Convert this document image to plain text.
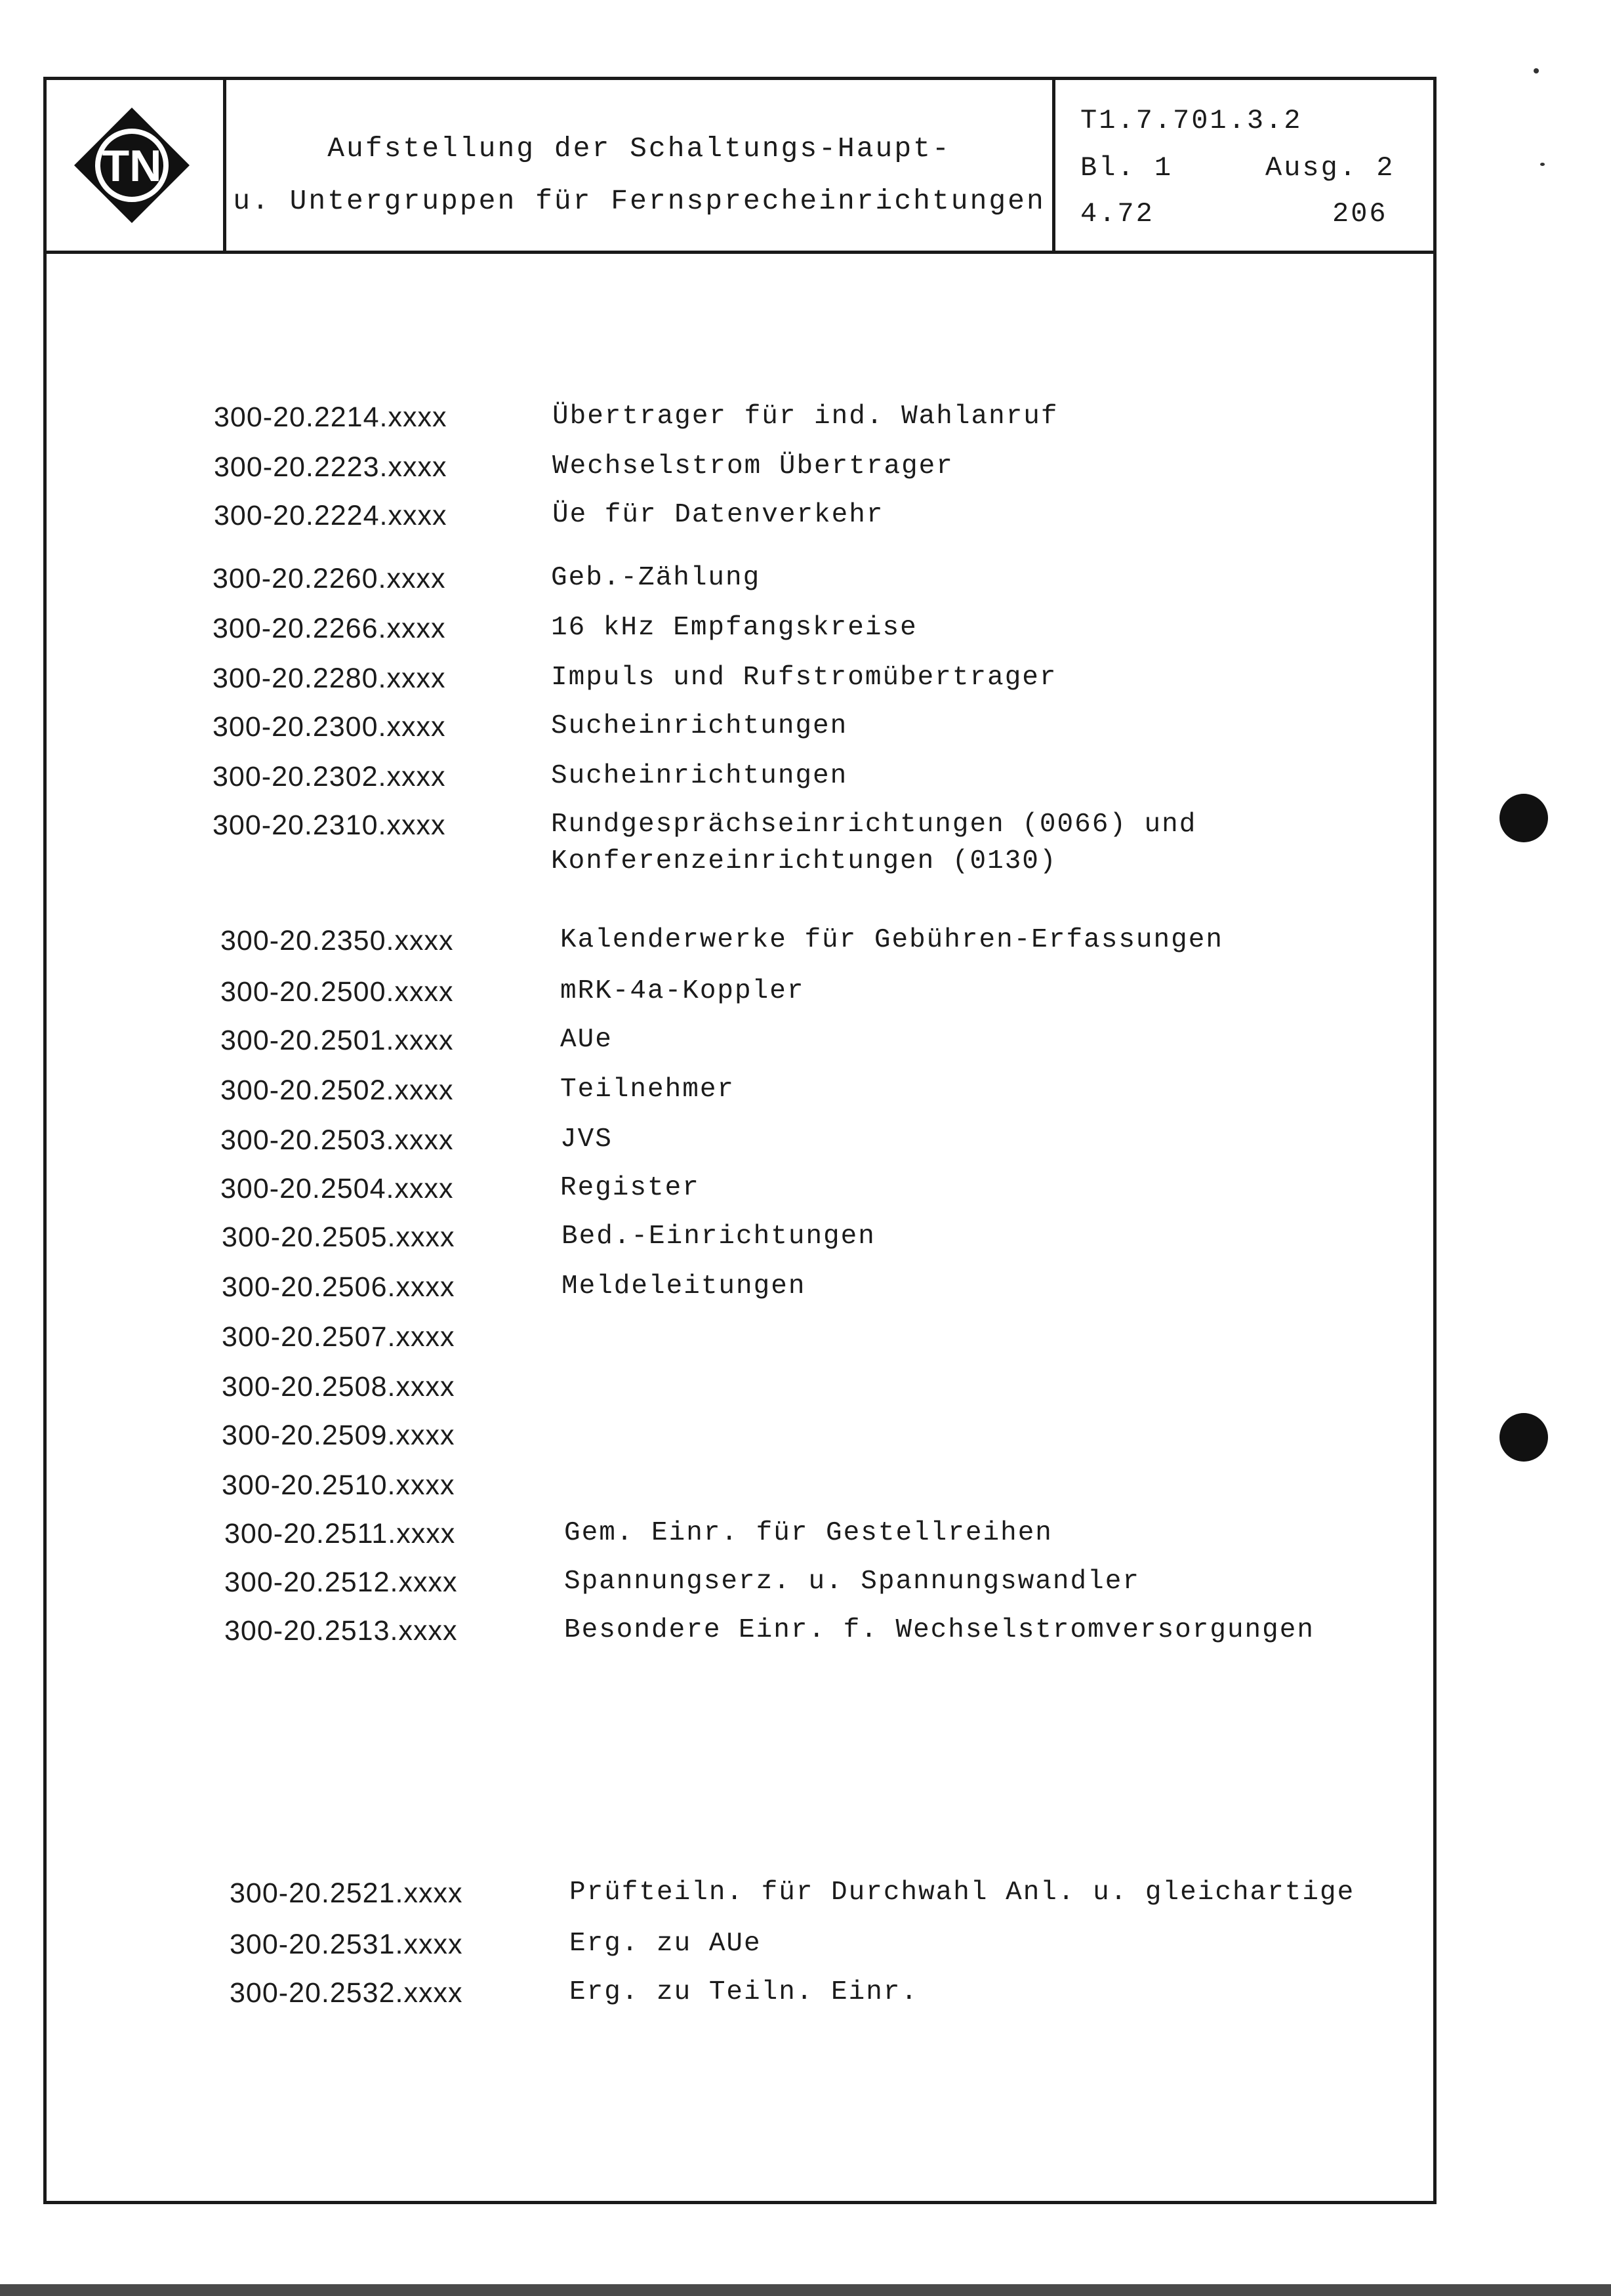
TN	Aufstellung der Schaltungs-Haupt-
u. Untergruppen für Fernsprecheinrichtungen
T1.7.701.3.2
Bl. 1	Ausg. 2
4.72	206
300-20.2214.xxxx	Übertrager für ind. Wahlanruf
300-20.2223.xxxx	Wechselstrom Übertrager
300-20.2224.xxxx	Üe für Datenverkehr
300-20.2260.xxxx	Geb.-Zählung
300-20.2266.xxxx	16 kHz Empfangskreise
300-20.2280.xxxx	Impuls und Rufstromübertrager
300-20.2300.xxxx	Sucheinrichtungen
300-20.2302.xxxx	Sucheinrichtungen
300-20.2310.xxxx	Rundgesprächseinrichtungen (0066) und
Konferenzeinrichtungen (0130)
300-20.2350.xxxx	Kalenderwerke für Gebühren-Erfassungen
300-20.2500.xxxx	mRK-4a-Koppler
300-20.2501.xxxx	AUe
300-20.2502.xxxx	Teilnehmer
300-20.2503.xxxx	JVS
300-20.2504.xxxx	Register
300-20.2505.xxxx	Bed.-Einrichtungen
300-20.2506.xxxx	Meldeleitungen
300-20.2507.xxxx
300-20.2508.xxxx
300-20.2509.xxxx
300-20.2510.xxxx
300-20.2511.xxxx	Gem. Einr. für Gestellreihen
300-20.2512.xxxx	Spannungserz. u. Spannungswandler
300-20.2513.xxxx	Besondere Einr. f. Wechselstromversorgungen
300-20.2521.xxxx	Prüfteiln. für Durchwahl Anl. u. gleichartige
300-20.2531.xxxx	Erg. zu AUe
300-20.2532.xxxx	Erg. zu Teiln. Einr.
